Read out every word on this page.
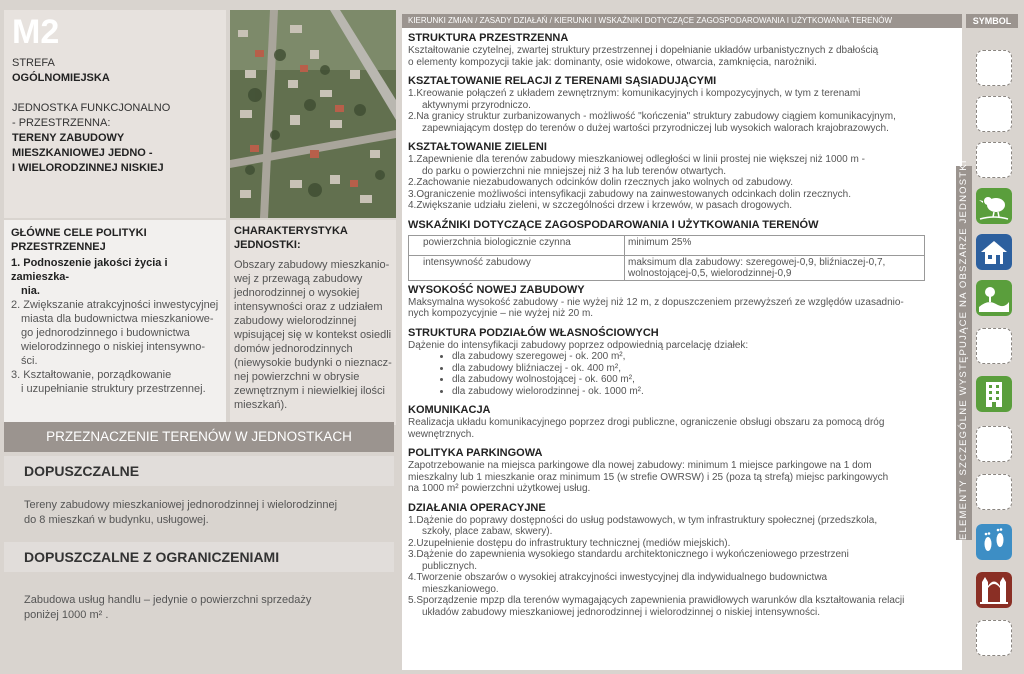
M2

STREFA

OGÓLNOMIEJSKA

JEDNOSTKA FUNKCJONALNO

- PRZESTRZENNA:

TERENY ZABUDOWY

MIESZKANIOWEJ JEDNO -

I WIELORODZINNEJ NISKIEJ

GŁÓWNE CELE POLITYKI
PRZESTRZENNEJ
1. Podnoszenie jakości życia i zamieszka-
nia.
2. Zwiększanie atrakcyjności inwestycyjnej
miasta dla budownictwa mieszkaniowe-
go jednorodzinnego i budownictwa
wielorodzinnego o niskiej intensywno-
ści.
3. Kształtowanie, porządkowanie
i uzupełnianie struktury przestrzennej.
CHARAKTERYSTYKA
JEDNOSTKI:

Obszary zabudowy mieszkanio-
wej z przewagą zabudowy
jednorodzinnej o wysokiej
intensywności oraz z udziałem
zabudowy wielorodzinnej
wpisującej się w kontekst osiedli
domów jednorodzinnych
(niewysokie budynki o nieznacz-
nej powierzchni w obrysie
zewnętrznym i niewielkiej ilości
mieszkań).

PRZEZNACZENIE TERENÓW W JEDNOSTKACH
DOPUSZCZALNE
Tereny zabudowy mieszkaniowej jednorodzinnej i wielorodzinnej
do 8 mieszkań w budynku, usługowej.
DOPUSZCZALNE Z OGRANICZENIAMI
Zabudowa usług handlu – jedynie o powierzchni sprzedaży
poniżej 1000 m² .
KIERUNKI ZMIAN / ZASADY DZIAŁAŃ / KIERUNKI I WSKAŹNIKI DOTYCZĄCE ZAGOSPODAROWANIA I UŻYTKOWANIA TERENÓW
STRUKTURA PRZESTRZENNA
Kształtowanie czytelnej, zwartej struktury przestrzennej i dopełnianie układów urbanistycznych z dbałością
o elementy kompozycji takie jak: dominanty, osie widokowe, otwarcia, zamknięcia, narożniki.
KSZTAŁTOWANIE RELACJI Z TERENAMI SĄSIADUJĄCYMI
1.Kreowanie połączeń z układem zewnętrznym: komunikacyjnych i kompozycyjnych, w tym z terenami
aktywnymi przyrodniczo.
2.Na granicy struktur zurbanizowanych - możliwość "kończenia" struktury zabudowy ciągiem komunikacyjnym,
zapewniającym dostęp do terenów o dużej wartości przyrodniczej lub wysokich walorach krajobrazowych.
KSZTAŁTOWANIE ZIELENI
1.Zapewnienie dla terenów zabudowy mieszkaniowej odległości w linii prostej nie większej niż 1000 m -
do parku o powierzchni nie mniejszej niż 3 ha lub terenów otwartych.
2.Zachowanie niezabudowanych odcinków dolin rzecznych jako wolnych od zabudowy.
3.Ograniczenie możliwości intensyfikacji zabudowy na zainwestowanych odcinkach dolin rzecznych.
4.Zwiększanie udziału zieleni, w szczególności drzew i krzewów, w pasach drogowych.
WSKAŹNIKI DOTYCZĄCE ZAGOSPODAROWANIA I UŻYTKOWANIA TERENÓW
powierzchnia biologicznie czynna	minimum 25%
intensywność zabudowy	maksimum dla zabudowy: szeregowej-0,9, bliźniaczej-0,7,
wolnostojącej-0,5, wielorodzinnej-0,9
WYSOKOŚĆ NOWEJ ZABUDOWY
Maksymalna wysokość zabudowy - nie wyżej niż 12 m, z dopuszczeniem przewyższeń ze względów uzasadnio-
nych kompozycyjnie – nie wyżej niż 20 m.
STRUKTURA PODZIAŁÓW WŁASNOŚCIOWYCH
Dążenie do intensyfikacji zabudowy poprzez odpowiednią parcelację działek:
• dla zabudowy szeregowej - ok. 200 m²,
• dla zabudowy bliźniaczej - ok. 400 m²,
• dla zabudowy wolnostojącej - ok. 600 m²,
• dla zabudowy wielorodzinnej - ok. 1000 m².
KOMUNIKACJA
Realizacja układu komunikacyjnego poprzez drogi publiczne, ograniczenie obsługi obszaru za pomocą dróg
wewnętrznych.
POLITYKA PARKINGOWA
Zapotrzebowanie na miejsca parkingowe dla nowej zabudowy: minimum 1 miejsce parkingowe na 1 dom
mieszkalny lub 1 mieszkanie oraz minimum 15 (w strefie OWRSW) i 25 (poza tą strefą) miejsc parkingowych
na 1000 m² powierzchni użytkowej usług.
DZIAŁANIA OPERACYJNE
1.Dążenie do poprawy dostępności do usług podstawowych, w tym infrastruktury społecznej (przedszkola,
szkoły, place zabaw, skwery).
2.Uzupełnienie dostępu do infrastruktury technicznej (mediów miejskich).
3.Dążenie do zapewnienia wysokiego standardu architektonicznego i wykończeniowego przestrzeni
publicznych.
4.Tworzenie obszarów o wysokiej atrakcyjności inwestycyjnej dla indywidualnego budownictwa
mieszkaniowego.
5.Sporządzenie mpzp dla terenów wymagających zapewnienia prawidłowych warunków dla kształtowania relacji
układów zabudowy mieszkaniowej jednorodzinnej i wielorodzinnej o niskiej intensywności.
ELEMENTY SZCZEGÓLNE WYSTĘPUJĄCE NA OBSZARZE JEDNOSTKI
SYMBOL
